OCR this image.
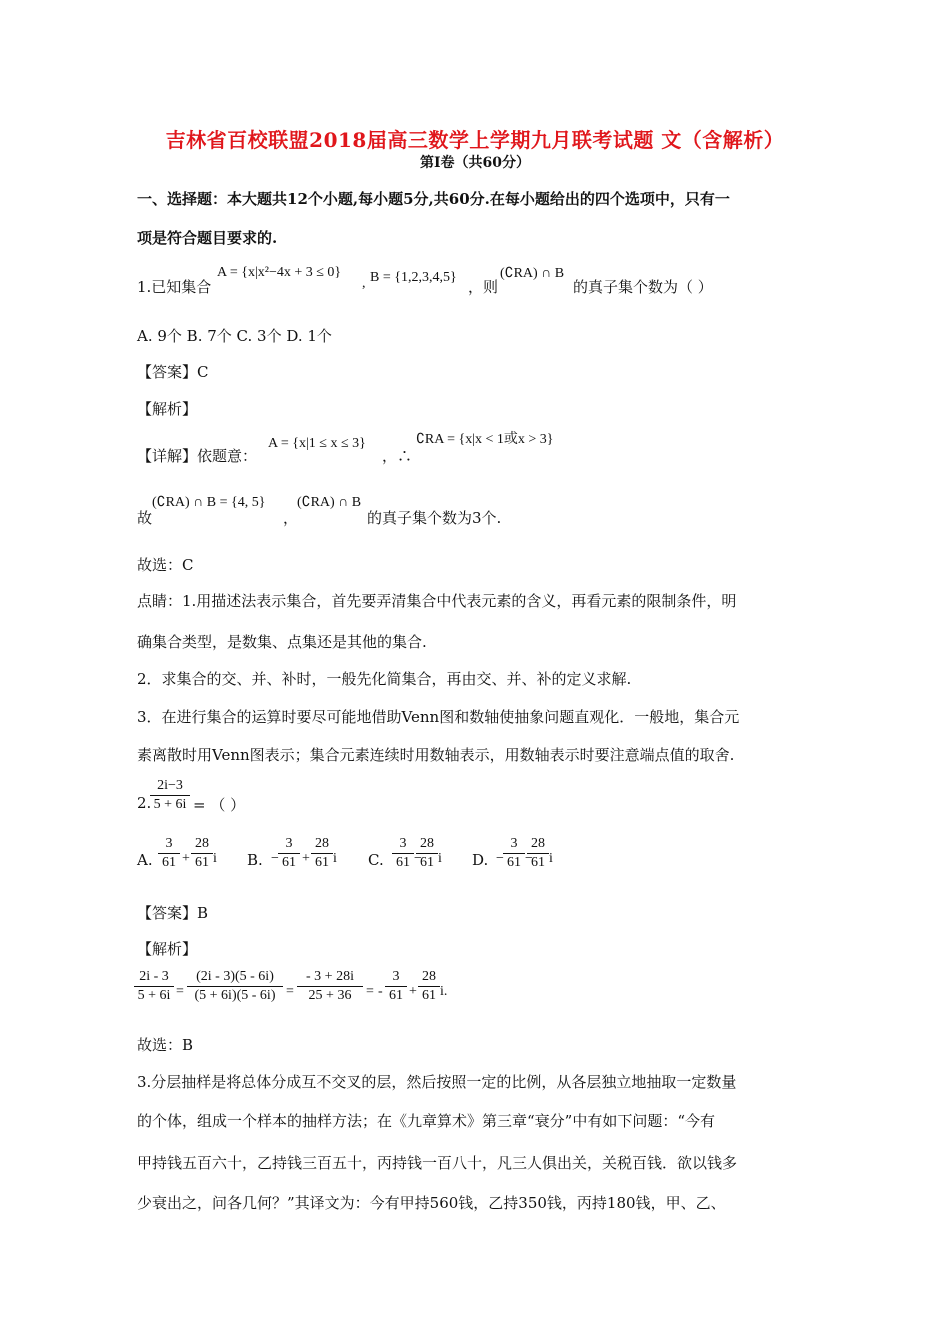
吉林省百校联盟2018届高三数学上学期九月联考试题 文（含解析）
第Ⅰ卷（共60分）
一、选择题：本大题共12个小题,每小题5分,共60分.在每小题给出的四个选项中，只有一
项是符合题目要求的.
1.已知集合
A = {x|x²−4x + 3 ≤ 0}
, B = {1,2,3,4,5}
，则
(∁RA) ∩ B
的真子集个数为（ ）
A. 9个 B. 7个 C. 3个 D. 1个
【答案】C
【解析】
【详解】依题意：
A = {x|1 ≤ x ≤ 3}
，∴
∁RA = {x|x < 1或x > 3}
故
(∁RA) ∩ B = {4, 5}
，
(∁RA) ∩ B
的真子集个数为3个.
故选：C
点睛：1.用描述法表示集合，首先要弄清集合中代表元素的含义，再看元素的限制条件，明
确集合类型，是数集、点集还是其他的集合.
2．求集合的交、并、补时，一般先化简集合，再由交、并、补的定义求解.
3．在进行集合的运算时要尽可能地借助Venn图和数轴使抽象问题直观化．一般地，集合元
素离散时用Venn图表示；集合元素连续时用数轴表示，用数轴表示时要注意端点值的取舍.
2.
2i−3
5 + 6i = （ ）
A.
3
61 +
28
61 i B. −
3
61 +
28
61 i C.
3
61 −
28
61 i D. −
3
61 −
28
61 i
【答案】B
【解析】
2i - 3
5 + 6i =
(2i - 3)(5 - 6i)
(5 + 6i)(5 - 6i) =
- 3 + 28i
25 + 36	= -
3
61 +
28
61 i.
故选：B
3.分层抽样是将总体分成互不交叉的层，然后按照一定的比例，从各层独立地抽取一定数量
的个体，组成一个样本的抽样方法；在《九章算术》第三章“衰分”中有如下问题：“今有
甲持钱五百六十，乙持钱三百五十，丙持钱一百八十，凡三人俱出关，关税百钱．欲以钱多
少衰出之，问各几何？”其译文为：今有甲持560钱，乙持350钱，丙持180钱，甲、乙、
